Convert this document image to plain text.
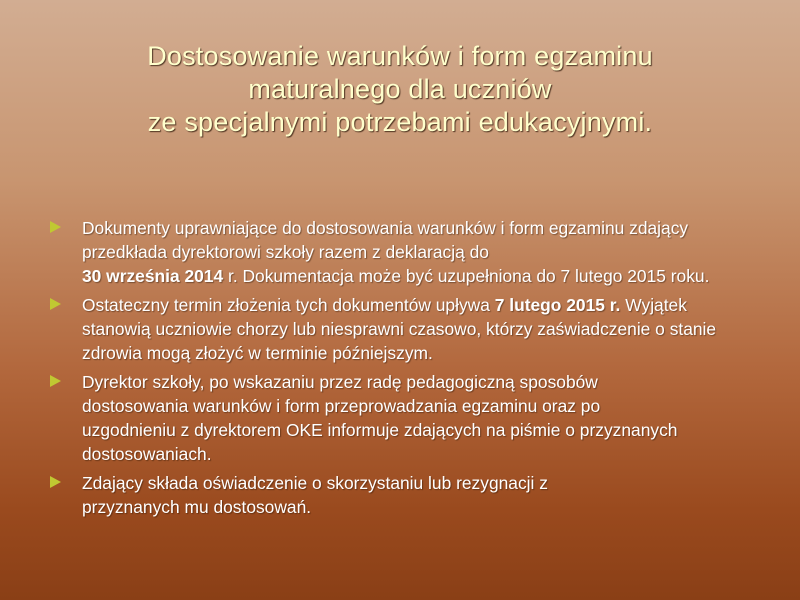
Dostosowanie warunków i form egzaminu
maturalnego dla uczniów
ze specjalnymi potrzebami edukacyjnymi.
Dokumenty uprawniające do dostosowania warunków i form egzaminu zdający przedkłada dyrektorowi szkoły razem z deklaracją do
30 września 2014 r. Dokumentacja może być uzupełniona do 7 lutego 2015 roku.
Ostateczny termin złożenia tych dokumentów upływa 7 lutego 2015 r. Wyjątek stanowią uczniowie chorzy lub niesprawni czasowo, którzy zaświadczenie o stanie zdrowia mogą złożyć w terminie późniejszym.
Dyrektor szkoły, po wskazaniu przez radę pedagogiczną sposobów dostosowania warunków i form przeprowadzania egzaminu oraz po uzgodnieniu z dyrektorem OKE informuje zdających na piśmie o przyznanych dostosowaniach.
Zdający składa oświadczenie o skorzystaniu lub rezygnacji z przyznanych mu dostosowań.
